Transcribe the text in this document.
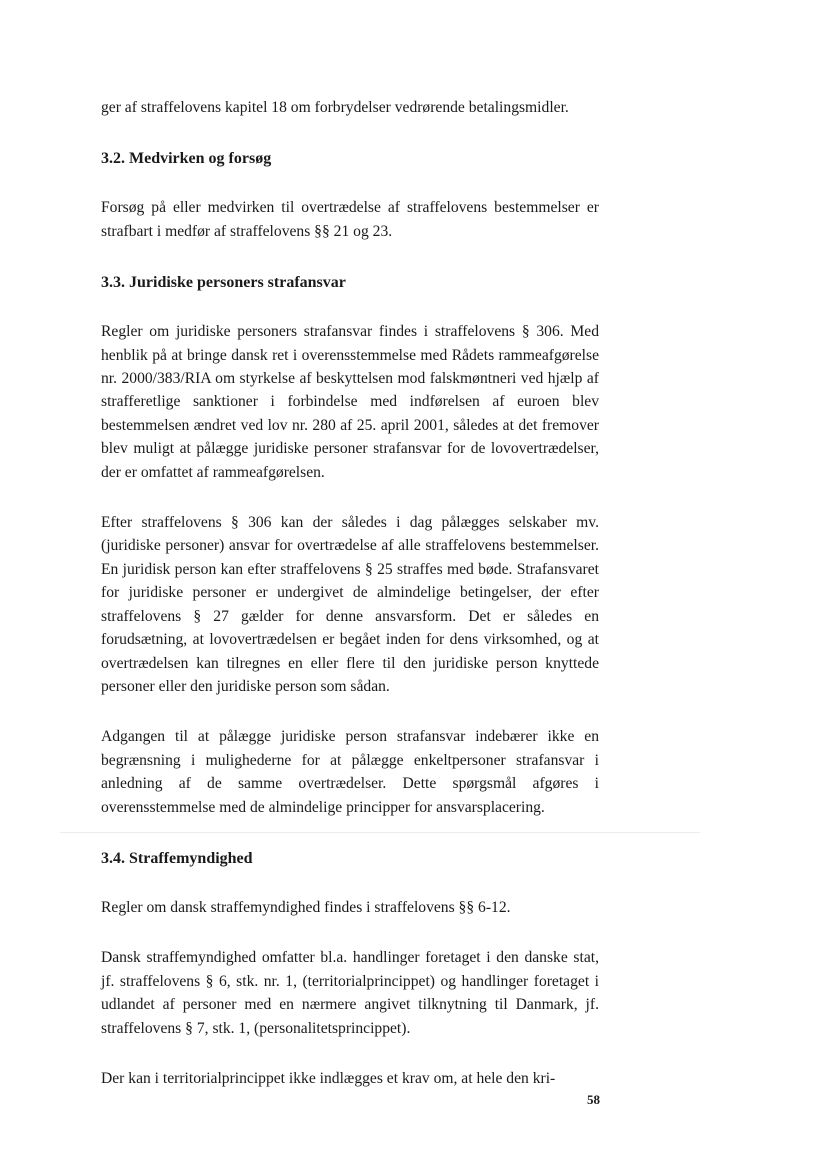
ger af straffelovens kapitel 18 om forbrydelser vedrørende betalingsmidler.

3.2. Medvirken og forsøg

Forsøg på eller medvirken til overtrædelse af straffelovens bestemmelser er strafbart i medfør af straffelovens §§ 21 og 23.

3.3. Juridiske personers strafansvar

Regler om juridiske personers strafansvar findes i straffelovens § 306. Med henblik på at bringe dansk ret i overensstemmelse med Rådets rammeafgørelse nr. 2000/383/RIA om styrkelse af beskyttelsen mod falskmøntneri ved hjælp af strafferetlige sanktioner i forbindelse med indførelsen af euroen blev bestemmelsen ændret ved lov nr. 280 af 25. april 2001, således at det fremover blev muligt at pålægge juridiske personer strafansvar for de lovovertrædelser, der er omfattet af rammeafgørelsen.

Efter straffelovens § 306 kan der således i dag pålægges selskaber mv. (juridiske personer) ansvar for overtrædelse af alle straffelovens bestemmelser. En juridisk person kan efter straffelovens § 25 straffes med bøde. Strafansvaret for juridiske personer er undergivet de almindelige betingelser, der efter straffelovens § 27 gælder for denne ansvarsform. Det er således en forudsætning, at lovovertrædelsen er begået inden for dens virksomhed, og at overtrædelsen kan tilregnes en eller flere til den juridiske person knyttede personer eller den juridiske person som sådan.

Adgangen til at pålægge juridiske person strafansvar indebærer ikke en begrænsning i mulighederne for at pålægge enkeltpersoner strafansvar i anledning af de samme overtrædelser. Dette spørgsmål afgøres i overensstemmelse med de almindelige principper for ansvarsplacering.

3.4. Straffemyndighed

Regler om dansk straffemyndighed findes i straffelovens §§ 6-12.

Dansk straffemyndighed omfatter bl.a. handlinger foretaget i den danske stat, jf. straffelovens § 6, stk. nr. 1, (territorialprincippet) og handlinger foretaget i udlandet af personer med en nærmere angivet tilknytning til Danmark, jf. straffelovens § 7, stk. 1, (personalitetsprincippet).

Der kan i territorialprincippet ikke indlægges et krav om, at hele den kri-

58
